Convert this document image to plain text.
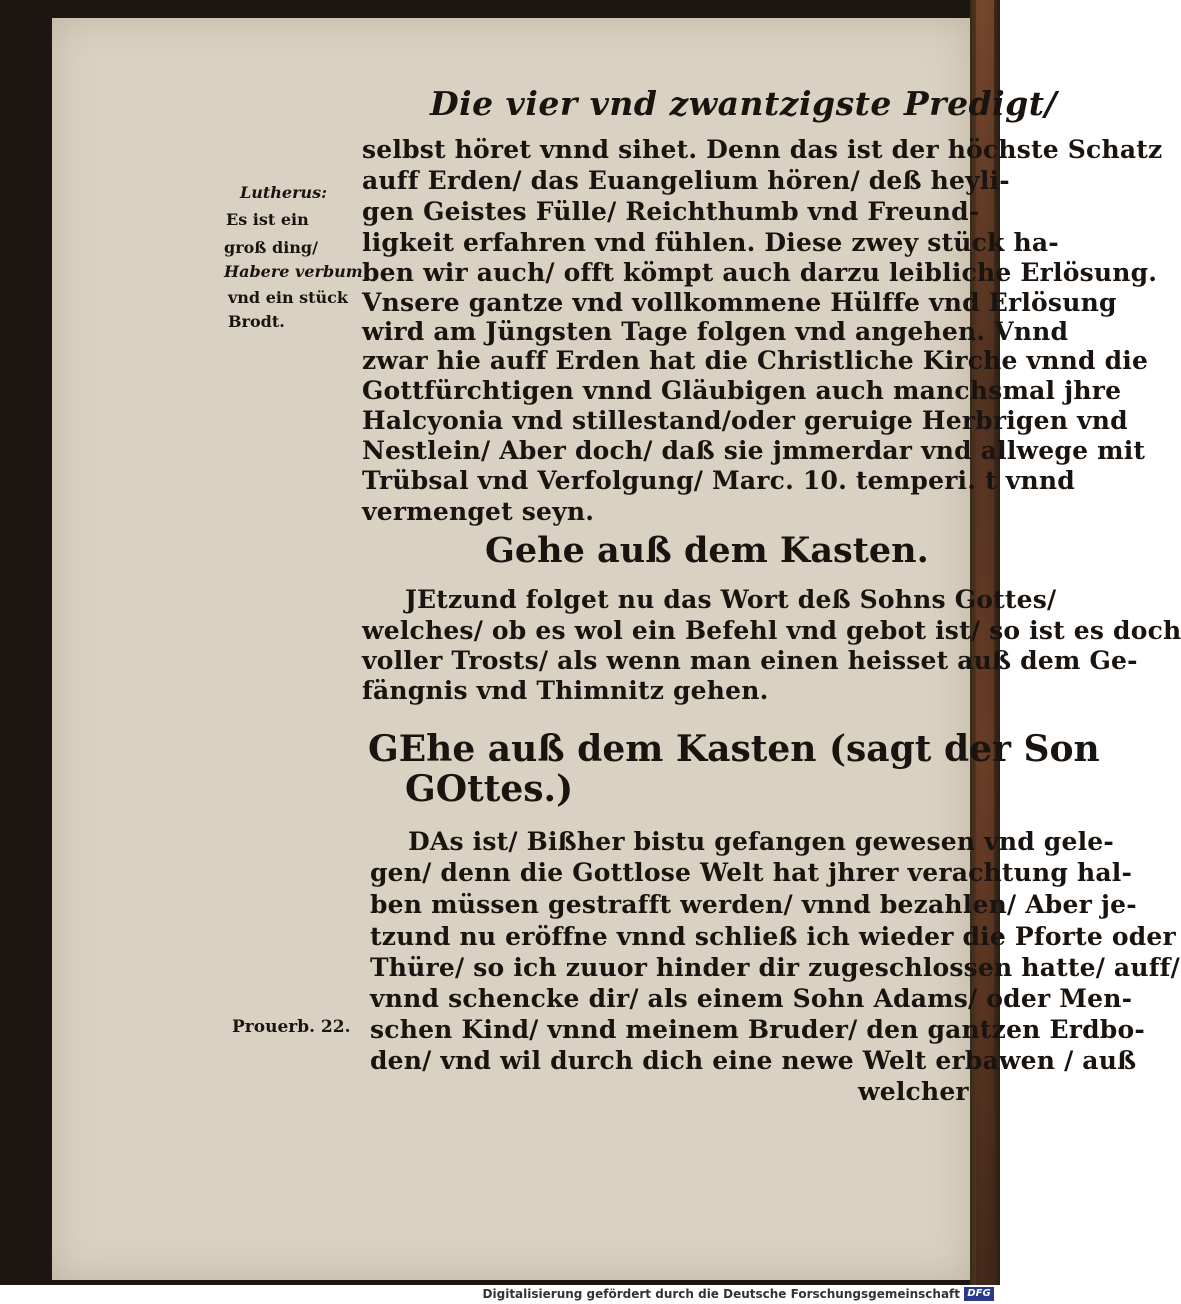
Die vier vnd zwantzigste Predigt/
Lutherus:
Es ist ein
groß ding/
Habere verbum
vnd ein stück
Brodt.
Prouerb. 22.
selbst höret vnnd sihet. Denn das ist der höchste Schatz
auff Erden/ das Euangelium hören/ deß heyli-
gen Geistes Fülle/ Reichthumb vnd Freund-
ligkeit erfahren vnd fühlen. Diese zwey stück ha-
ben wir auch/ offt kömpt auch darzu leibliche Erlösung.
Vnsere gantze vnd vollkommene Hülffe vnd Erlösung
wird am Jüngsten Tage folgen vnd angehen. Vnnd
zwar hie auff Erden hat die Christliche Kirche vnnd die
Gottfürchtigen vnnd Gläubigen auch manchsmal jhre
Halcyonia vnd stillestand/oder geruige Herbrigen vnd
Nestlein/ Aber doch/ daß sie jmmerdar vnd allwege mit
Trübsal vnd Verfolgung/ Marc. 10. temperi. t vnnd
vermenget seyn.
Gehe auß dem Kasten.
JEtzund folget nu das Wort deß Sohns Gottes/
welches/ ob es wol ein Befehl vnd gebot ist/ so ist es doch
voller Trosts/ als wenn man einen heisset auß dem Ge-
fängnis vnd Thimnitz gehen.
GEhe auß dem Kasten (sagt der Son
GOttes.)
DAs ist/ Bißher bistu gefangen gewesen vnd gele-
gen/ denn die Gottlose Welt hat jhrer verachtung hal-
ben müssen gestrafft werden/ vnnd bezahlen/ Aber je-
tzund nu eröffne vnnd schließ ich wieder die Pforte oder
Thüre/ so ich zuuor hinder dir zugeschlossen hatte/ auff/
vnnd schencke dir/ als einem Sohn Adams/ oder Men-
schen Kind/ vnnd meinem Bruder/ den gantzen Erdbo-
den/ vnd wil durch dich eine newe Welt erbawen / auß
welcher
Digitalisierung gefördert durch die Deutsche Forschungsgemeinschaft DFG
